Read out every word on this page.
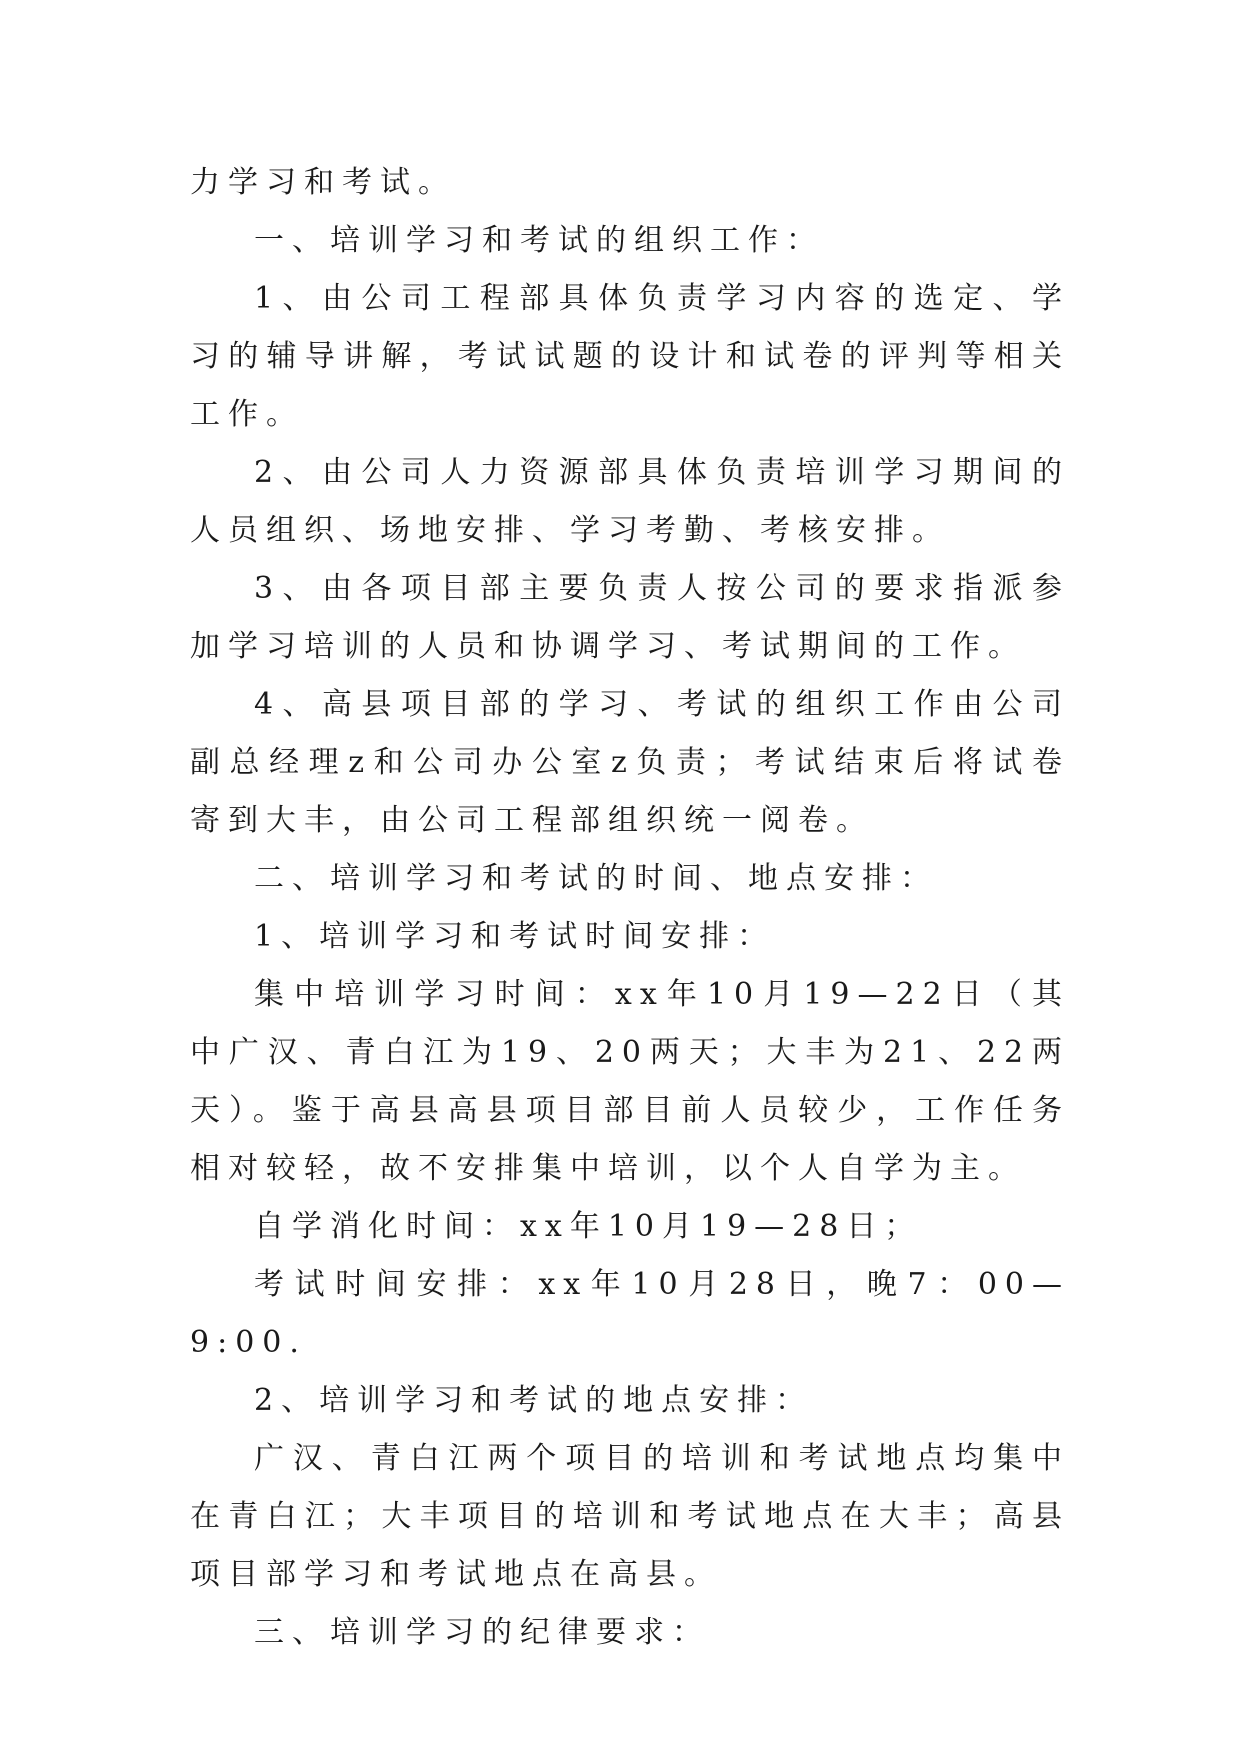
力学习和考试。

一、培训学习和考试的组织工作：

1、由公司工程部具体负责学习内容的选定、学习的辅导讲解，考试试题的设计和试卷的评判等相关工作。

2、由公司人力资源部具体负责培训学习期间的人员组织、场地安排、学习考勤、考核安排。

3、由各项目部主要负责人按公司的要求指派参加学习培训的人员和协调学习、考试期间的工作。

4、高县项目部的学习、考试的组织工作由公司副总经理z和公司办公室z负责；考试结束后将试卷寄到大丰，由公司工程部组织统一阅卷。

二、培训学习和考试的时间、地点安排：

1、培训学习和考试时间安排：

集中培训学习时间：xx年10月19—22日（其中广汉、青白江为19、20两天；大丰为21、22两天）。鉴于高县高县项目部目前人员较少，工作任务相对较轻，故不安排集中培训，以个人自学为主。

自学消化时间：xx年10月19—28日；

考试时间安排：xx年10月28日，晚7：00—9:00.

2、培训学习和考试的地点安排：

广汉、青白江两个项目的培训和考试地点均集中在青白江；大丰项目的培训和考试地点在大丰；高县项目部学习和考试地点在高县。

三、培训学习的纪律要求：
